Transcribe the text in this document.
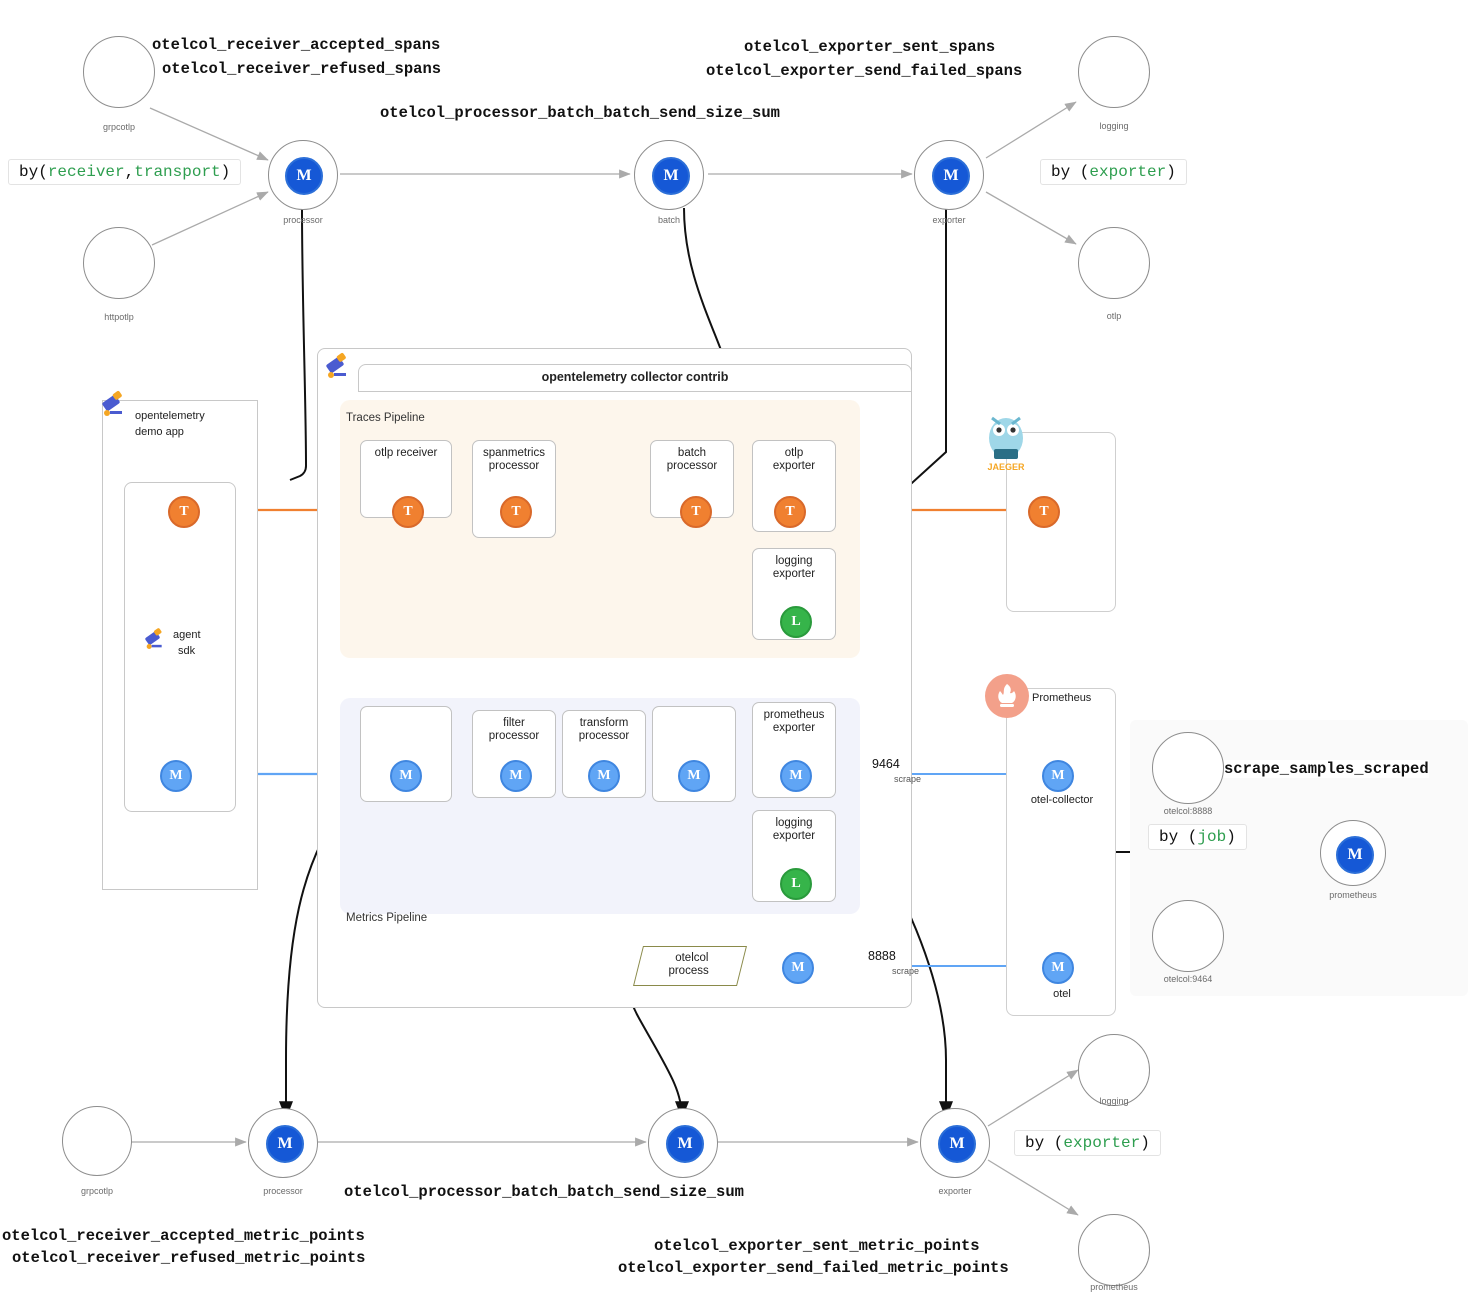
otelcol_receiver_accepted_spans
otelcol_receiver_refused_spans
otelcol_exporter_sent_spans
otelcol_exporter_send_failed_spans
otelcol_processor_batch_batch_send_size_sum
by(receiver,transport)	by (exporter)
grpcotlp
httpotlp
M
processor
M
batch
M
exporter
logging
otlp
opentelemetry collector contrib
Traces Pipeline
Metrics Pipeline
otlp receiver
T
spanmetrics
processor
T
batch
processor
T
otlp
exporter
T
logging
exporter
L
M
filter
processor
M
transform
processor
M	M
prometheus
exporter
M
logging
exporter
L
otelcol
process	M
opentelemetry
demo app
agent
sdk
T
M
JAEGER
T
Prometheus
M
otel-collector
9464
scrape
M
otel
8888
scrape
otelcol:8888
otelcol:9464
M
prometheus
scrape_samples_scraped
by (job)
grpcotlp
M
processor
M	M
exporter
logging
prometheus
by (exporter)
otelcol_processor_batch_batch_send_size_sum
otelcol_receiver_accepted_metric_points
otelcol_receiver_refused_metric_points
otelcol_exporter_sent_metric_points
otelcol_exporter_send_failed_metric_points
